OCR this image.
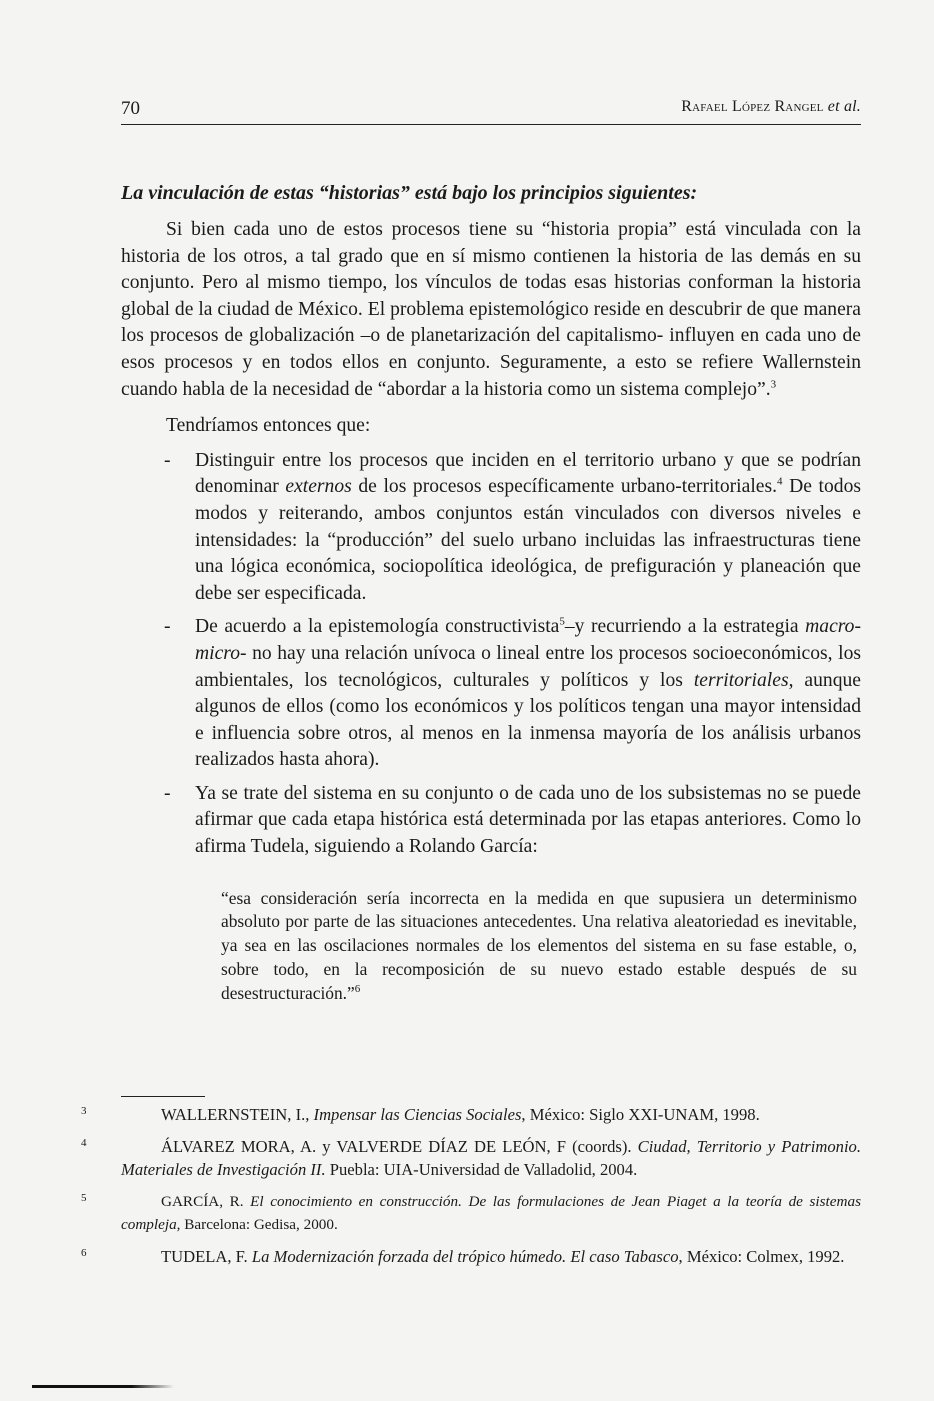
70	Rafael López Rangel et al.
La vinculación de estas “historias” está bajo los principios siguientes:

Si bien cada uno de estos procesos tiene su “historia propia” está vinculada con la historia de los otros, a tal grado que en sí mismo contienen la historia de las demás en su conjunto. Pero al mismo tiempo, los vínculos de todas esas historias conforman la historia global de la ciudad de México. El problema epistemológico reside en descubrir de que manera los procesos de globalización –o de planetarización del capitalismo- influyen en cada uno de esos procesos y en todos ellos en conjunto. Seguramente, a esto se refiere Wallernstein cuando habla de la necesidad de “abordar a la historia como un sistema complejo”.$^3$

Tendríamos entonces que:

- Distinguir entre los procesos que inciden en el territorio urbano y que se podrían denominar externos de los procesos específicamente urbano-territoriales.$^4$ De todos modos y reiterando, ambos conjuntos están vinculados con diversos niveles e intensidades: la “producción” del suelo urbano incluidas las infraestructuras tiene una lógica económica, sociopolítica ideológica, de prefiguración y planeación que debe ser especificada.
- De acuerdo a la epistemología constructivista$^5$–y recurriendo a la estrategia macro-micro- no hay una relación unívoca o lineal entre los procesos socioeconómicos, los ambientales, los tecnológicos, culturales y políticos y los territoriales, aunque algunos de ellos (como los económicos y los políticos tengan una mayor intensidad e influencia sobre otros, al menos en la inmensa mayoría de los análisis urbanos realizados hasta ahora).
- Ya se trate del sistema en su conjunto o de cada uno de los subsistemas no se puede afirmar que cada etapa histórica está determinada por las etapas anteriores. Como lo afirma Tudela, siguiendo a Rolando García:
“esa consideración sería incorrecta en la medida en que supusiera un determinismo absoluto por parte de las situaciones antecedentes. Una relativa aleatoriedad es inevitable, ya sea en las oscilaciones normales de los elementos del sistema en su fase estable, o, sobre todo, en la recomposición de su nuevo estado estable después de su desestructuración.”$^6$
3	WALLERNSTEIN, I., Impensar las Ciencias Sociales, México: Siglo XXI-UNAM, 1998.
4	ÁLVAREZ MORA, A. y VALVERDE DÍAZ DE LEÓN, F (coords). Ciudad, Territorio y Patrimonio. Materiales de Investigación II. Puebla: UIA-Universidad de Valladolid, 2004.
5	GARCÍA, R. El conocimiento en construcción. De las formulaciones de Jean Piaget a la teoría de sistemas compleja, Barcelona: Gedisa, 2000.
6	TUDELA, F. La Modernización forzada del trópico húmedo. El caso Tabasco, México: Colmex, 1992.
